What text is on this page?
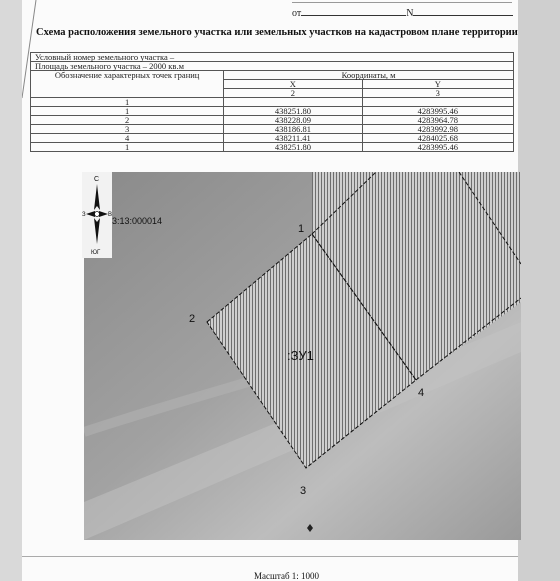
от	N
Схема расположения земельного участка или земельных участков на кадастровом плане территории
Условный номер земельного участка –		
Площадь земельного участка – 2000 кв.м		
Обозначение характерных точек границ	Координаты, м	
	X	Y
	2	3
1		
1	438251.80	4283995.46
2	438228.09	4283964.78
3	438186.81	4283992.98
4	438211.41	4284025.68
1	438251.80	4283995.46
:ЗУ1
1
2
3
4
С
З	В
ЮГ
3:13:000014
Масштаб 1: 1000
